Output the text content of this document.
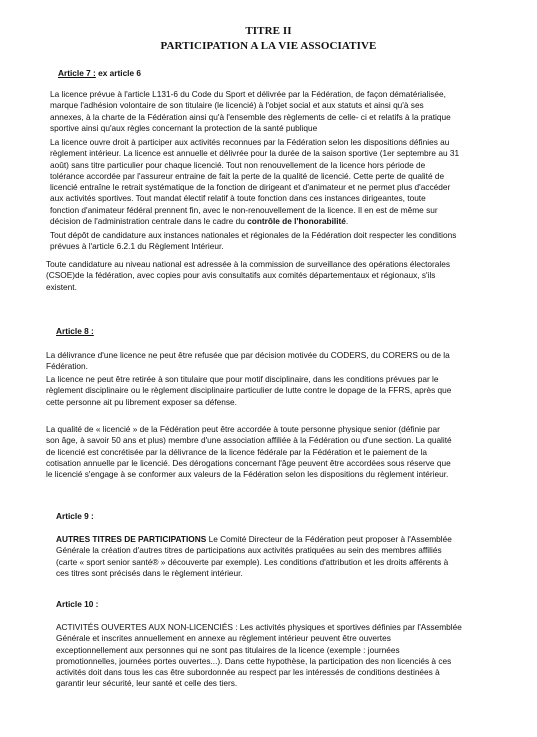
TITRE II
PARTICIPATION A LA VIE ASSOCIATIVE
Article 7 : ex article 6
La licence prévue à l'article L131-6 du Code du Sport et délivrée par la Fédération, de façon dématérialisée,
marque l'adhésion volontaire de son titulaire (le licencié) à l'objet social et aux statuts et ainsi qu'à ses
annexes, à la charte de la Fédération ainsi qu'à l'ensemble des règlements de celle- ci et relatifs à la pratique
sportive ainsi qu'aux règles concernant la protection de la santé publique
La licence ouvre droit à participer aux activités reconnues par la Fédération selon les dispositions définies au
règlement intérieur. La licence est annuelle et délivrée pour la durée de la saison sportive (1er septembre au 31
août) sans titre particulier pour chaque licencié. Tout non renouvellement de la licence hors période de
tolérance accordée par l'assureur entraine de fait la perte de la qualité de licencié. Cette perte de qualité de
licencié entraîne le retrait systématique de la fonction de dirigeant et d'animateur et ne permet plus d'accéder
aux activités sportives. Tout mandat électif relatif à toute fonction dans ces instances dirigeantes, toute
fonction d'animateur fédéral prennent fin, avec le non-renouvellement de la licence. Il en est de même sur
décision de l'administration centrale dans le cadre du contrôle de l'honorabilité.
Tout dépôt de candidature aux instances nationales et régionales de la Fédération doit respecter les conditions
prévues à l'article 6.2.1 du Règlement Intérieur.
Toute candidature au niveau national est adressée à la commission de surveillance des opérations électorales
(CSOE)de la fédération, avec copies pour avis consultatifs aux comités départementaux et régionaux, s'ils
existent.
Article 8 :
La délivrance d'une licence ne peut être refusée que par décision motivée du CODERS, du CORERS ou de la
Fédération.
La licence ne peut être retirée à son titulaire que pour motif disciplinaire, dans les conditions prévues par le
règlement disciplinaire ou le règlement disciplinaire particulier de lutte contre le dopage de la FFRS, après que
cette personne ait pu librement exposer sa défense.
La qualité de « licencié » de la Fédération peut être accordée à toute personne physique senior (définie par
son âge, à savoir 50 ans et plus) membre d'une association affiliée à la Fédération ou d'une section. La qualité
de licencié est concrétisée par la délivrance de la licence fédérale par la Fédération et le paiement de la
cotisation annuelle par le licencié. Des dérogations concernant l'âge peuvent être accordées sous réserve que
le licencié s'engage à se conformer aux valeurs de la Fédération selon les dispositions du règlement intérieur.
Article 9 :
AUTRES TITRES DE PARTICIPATIONS Le Comité Directeur de la Fédération peut proposer à l'Assemblée
Générale la création d'autres titres de participations aux activités pratiquées au sein des membres affiliés
(carte « sport senior santé® » découverte par exemple). Les conditions d'attribution et les droits afférents à
ces titres sont précisés dans le règlement intérieur.
Article 10 :
ACTIVITÉS OUVERTES AUX NON-LICENCIÉS : Les activités physiques et sportives définies par l'Assemblée
Générale et inscrites annuellement en annexe au règlement intérieur peuvent être ouvertes
exceptionnellement aux personnes qui ne sont pas titulaires de la licence (exemple : journées
promotionnelles, journées portes ouvertes...). Dans cette hypothèse, la participation des non licenciés à ces
activités doit dans tous les cas être subordonnée au respect par les intéressés de conditions destinées à
garantir leur sécurité, leur santé et celle des tiers.
